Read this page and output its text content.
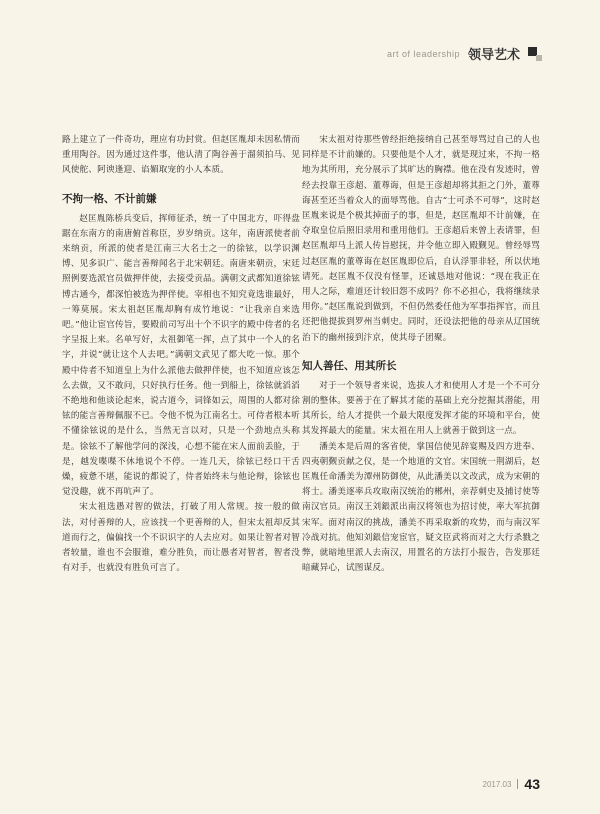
art of leadership 领导艺术

路上建立了一件奇功，理应有功封赏。但赵匡胤却未因私情而重用陶谷。因为通过这件事，他认清了陶谷善于溜须拍马、见风使舵、阿谀逢迎、谄媚取宠的小人本质。

不拘一格、不计前嫌

赵匡胤陈桥兵变后，挥师征杀，统一了中国北方，吓得盘踞在东南方的南唐俯首称臣，岁岁纳贡。这年，南唐派使者前来纳贡，所派的使者是江南三大名士之一的徐铉，以学识渊博、见多识广、能言善辩闻名于北宋朝廷。南唐来朝贡，宋廷照例要选派官员做押伴使，去接受贡品。满朝文武都知道徐铉博古通今，都深怕被选为押伴使。宰相也不知究竟选谁最好，一筹莫展。宋太祖赵匡胤却胸有成竹地说：“让我亲自来选吧。”他让宦官传旨，要殿前司写出十个不识字的殿中侍者的名字呈报上来。名单写好，太祖御笔一挥，点了其中一个人的名字，并说“就让这个人去吧。”满朝文武见了都大吃一惊。那个殿中侍者不知道皇上为什么派他去做押伴使，也不知道应该怎么去做，又不敢问，只好执行任务。他一到船上，徐铉就滔滔不绝地和他谈论起来，说古道今，词锋如云，周围的人都对徐铉的能言善辩佩服不已。令他不悦为江南名士。可侍者根本听不懂徐铉说的是什么，当然无言以对，只是一个劲地点头称是。徐铉不了解他学问的深浅，心想不能在宋人面前丢脸，于是，越发喋喋不休地说个不停。一连几天，徐铉已经口干舌燥，疲惫不堪，能说的都说了，侍者始终未与他论辩，徐铉也觉没趣，就不再吭声了。

宋太祖选愚对智的做法，打破了用人常规。按一般的做法，对付善辩的人，应该找一个更善辩的人，但宋太祖却反其道而行之，偏偏找一个不识识字的人去应对。如果让智者对智者较量，谁也不会服谁，难分胜负，而让愚者对智者，智者没有对手，也就没有胜负可言了。

宋太祖对待那些曾经拒绝接纳自己甚至辱骂过自己的人也同样是不计前嫌的。只要他是个人才，就是现过来，不拘一格地为其所用，充分展示了其旷达的胸襟。他在没有发迹时，曾经去投靠王彦超、董尊诲，但是王彦超却将其拒之门外，董尊诲甚至还当着众人的面辱骂他。自古“士可杀不可辱”，这时赵匡胤来说是个极其掉面子的事，但是，赵匡胤却不计前嫌，在夺取皇位后照旧录用和重用他们。王彦超后来曾上表请罪，但赵匡胤却马上派人传旨慰抚，并令他立即入殿觐见。曾经辱骂过赵匡胤的董尊诲在赵匡胤即位后，自认浮罪非轻，所以伏地请死。赵匡胤不仅没有怪罪，还诚恳地对他说：“现在我正在用人之际，难道还计较旧怨不成吗？你不必担心，我将继续录用你。”赵匡胤说到做到，不但仍然委任他为军事指挥官，而且还把他提拔到罗州当刺史。同时，还设法把他的母亲从辽国统治下的幽州接到汴京，使其母子团聚。

知人善任、用其所长

对于一个领导者来说，选拔人才和使用人才是一个不可分割的整体。要善于在了解其才能的基础上充分挖掘其潜能，用其所长，给人才提供一个最大限度发挥才能的环境和平台，使其发挥最大的能量。宋太祖在用人上就善于做到这一点。

潘美本是后周的客省使，掌国信使见辞宴赐及四方进奉、四夷朝觐贡献之仪，是一个地道的文官。宋国统一荆湖后，赵匡胤任命潘美为潭州防御使，从此潘美以文改武，成为宋朝的将士。潘美逐率兵攻取南汉统治的郴州，亲荐刺史及捕讨使等南汉官员。南汉王刘鋹派出南汉将领也为招讨使，率大军抗御宋军。面对南汉的挑战，潘美不再采取新的攻势，而与南汉军冷战对抗。他知刘鋹信宠宦官，疑文臣武将而对之大行杀戮之弊，就暗地里派人去南汉，用置名的方法打小报告，告发那廷暗藏异心，试图谋反。

2017.03 43
